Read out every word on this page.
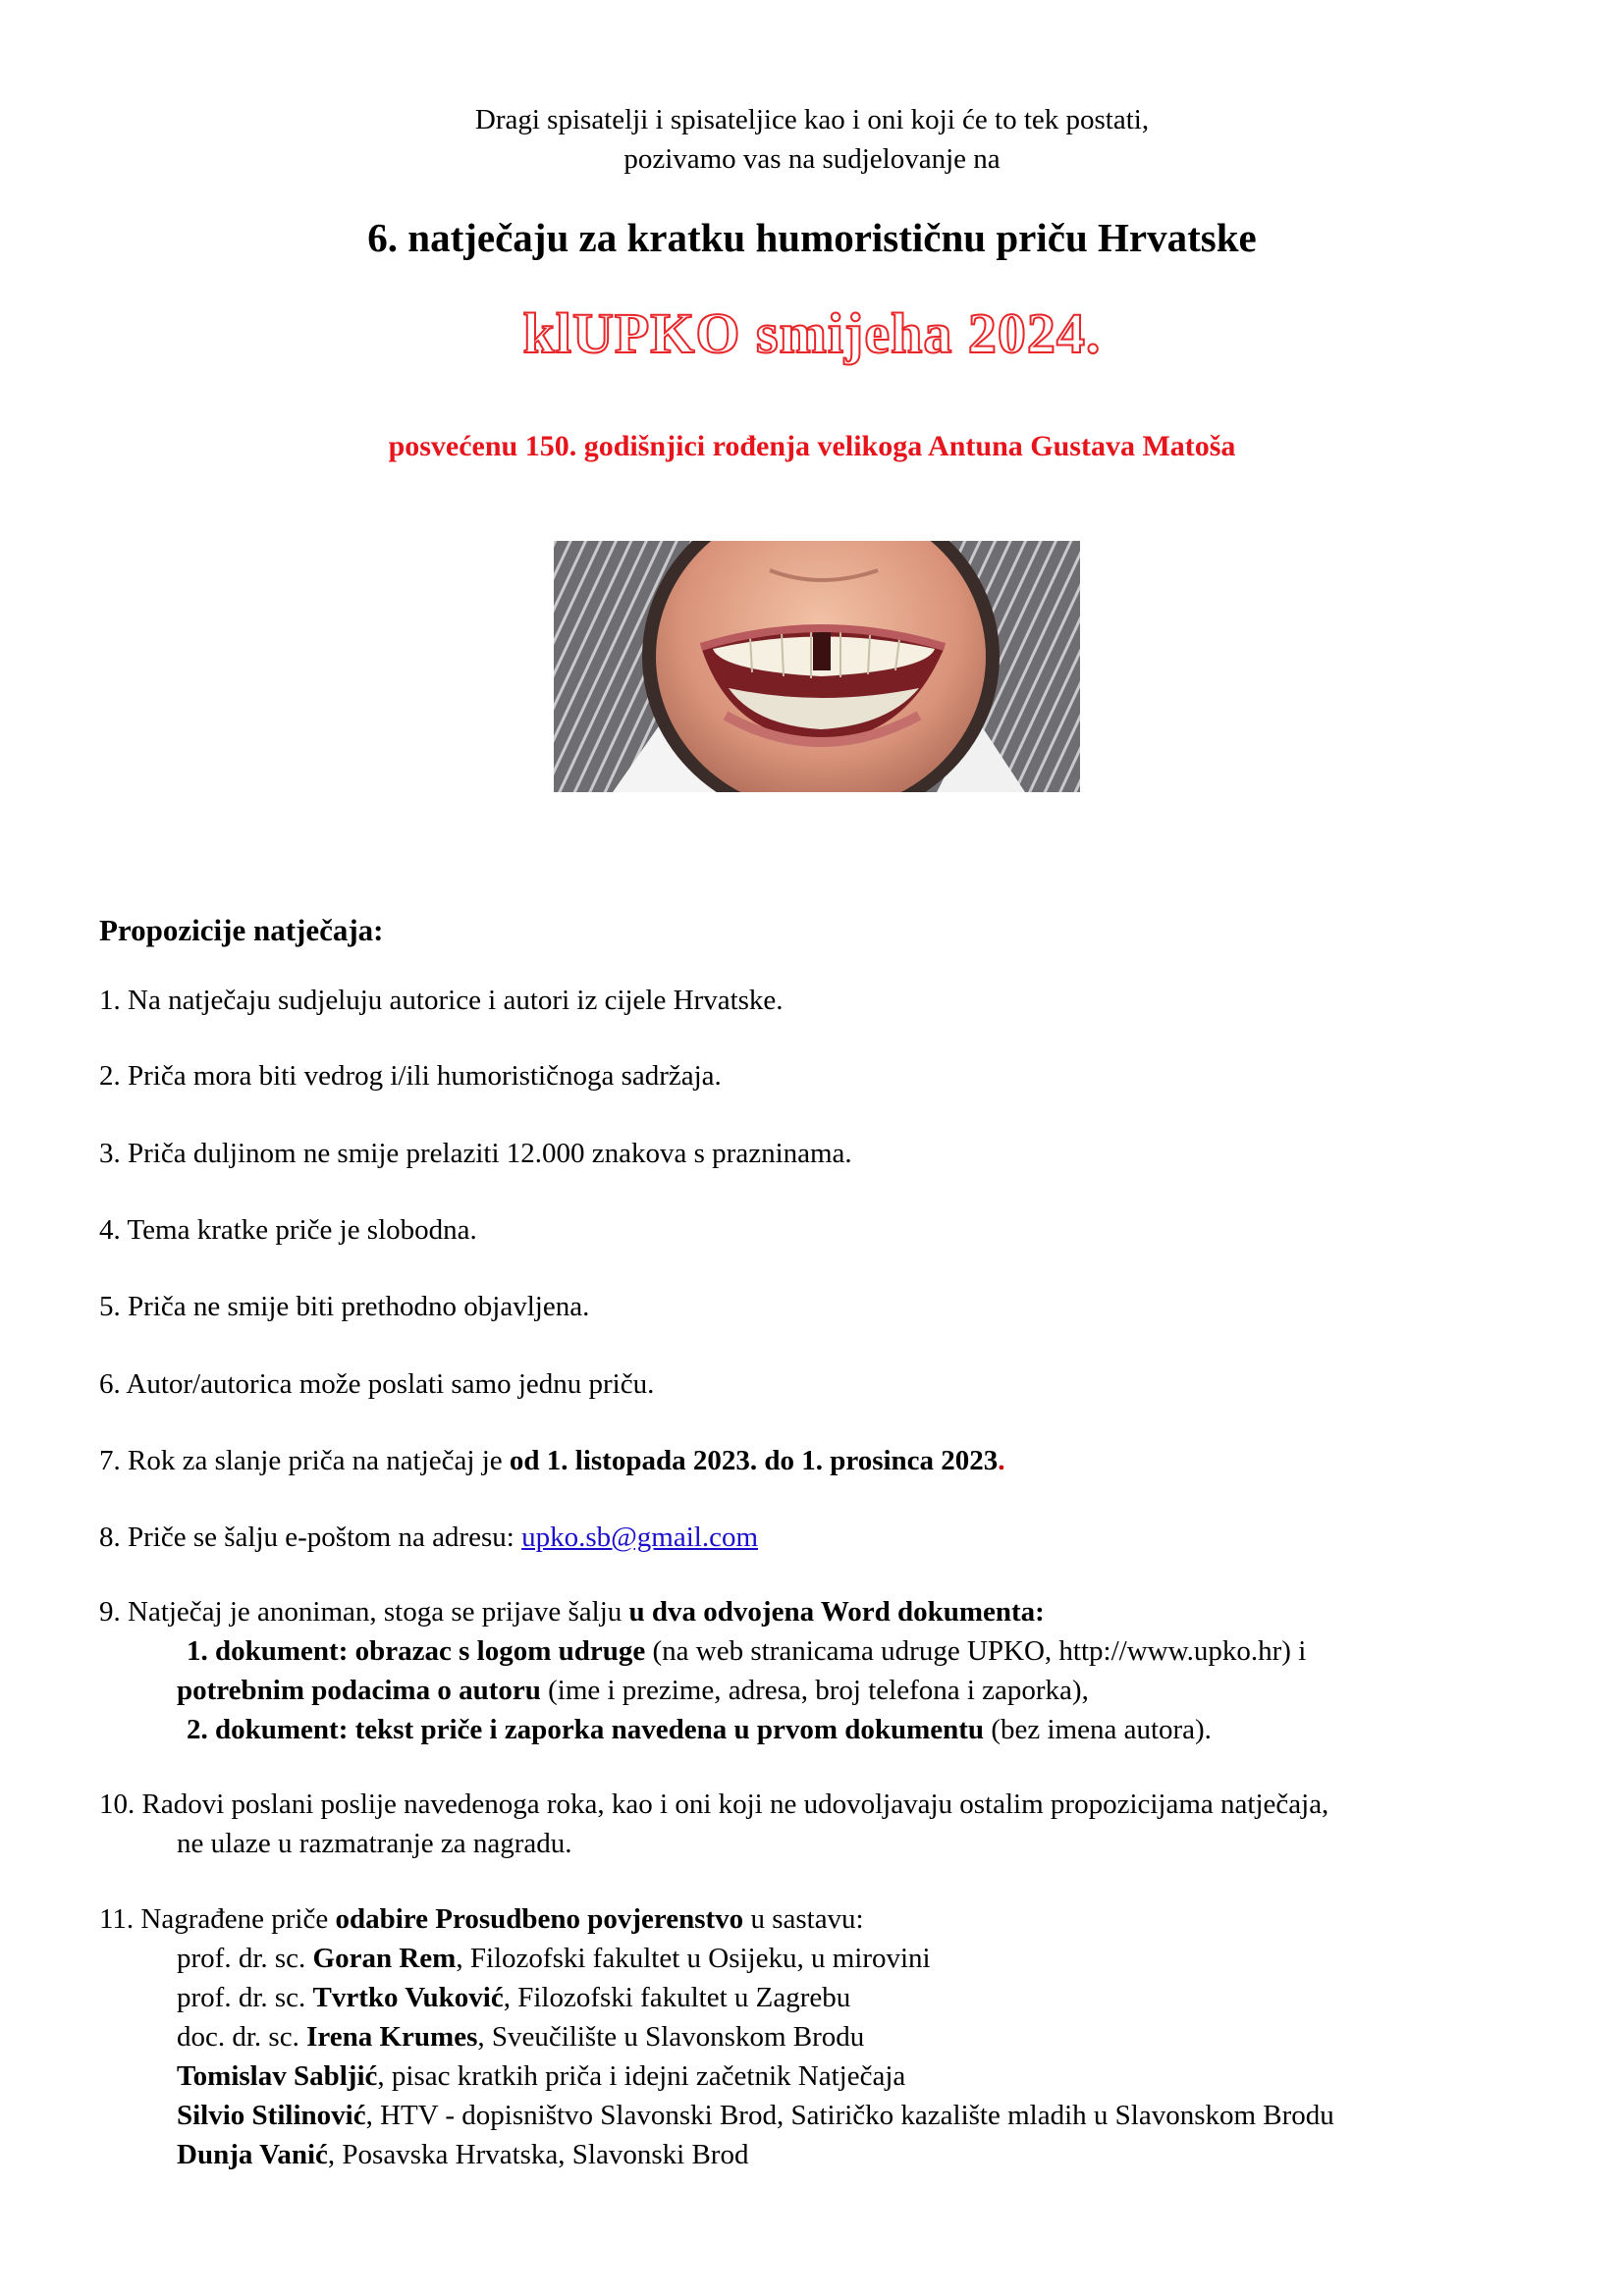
Dragi spisatelji i spisateljice kao i oni koji će to tek postati,
pozivamo vas na sudjelovanje na
6. natječaju za kratku humorističnu priču Hrvatske
klUPKO smijeha 2024.
posvećenu 150. godišnjici rođenja velikoga Antuna Gustava Matoša
Propozicije natječaja:
1. Na natječaju sudjeluju autorice i autori iz cijele Hrvatske.
2. Priča mora biti vedrog i/ili humorističnoga sadržaja.
3. Priča duljinom ne smije prelaziti 12.000 znakova s prazninama.
4. Tema kratke priče je slobodna.
5. Priča ne smije biti prethodno objavljena.
6. Autor/autorica može poslati samo jednu priču.
7. Rok za slanje priča na natječaj je od 1. listopada 2023. do 1. prosinca 2023.
8. Priče se šalju e-poštom na adresu: upko.sb@gmail.com
9. Natječaj je anoniman, stoga se prijave šalju u dva odvojena Word dokumenta:
1. dokument: obrazac s logom udruge (na web stranicama udruge UPKO, http://www.upko.hr) i
potrebnim podacima o autoru (ime i prezime, adresa, broj telefona i zaporka),
2. dokument: tekst priče i zaporka navedena u prvom dokumentu (bez imena autora).
10. Radovi poslani poslije navedenoga roka, kao i oni koji ne udovoljavaju ostalim propozicijama natječaja,
ne ulaze u razmatranje za nagradu.
11. Nagrađene priče odabire Prosudbeno povjerenstvo u sastavu:
prof. dr. sc. Goran Rem, Filozofski fakultet u Osijeku, u mirovini
prof. dr. sc. Tvrtko Vuković, Filozofski fakultet u Zagrebu
doc. dr. sc. Irena Krumes, Sveučilište u Slavonskom Brodu
Tomislav Sabljić, pisac kratkih priča i idejni začetnik Natječaja
Silvio Stilinović, HTV - dopisništvo Slavonski Brod, Satiričko kazalište mladih u Slavonskom Brodu
Dunja Vanić, Posavska Hrvatska, Slavonski Brod
